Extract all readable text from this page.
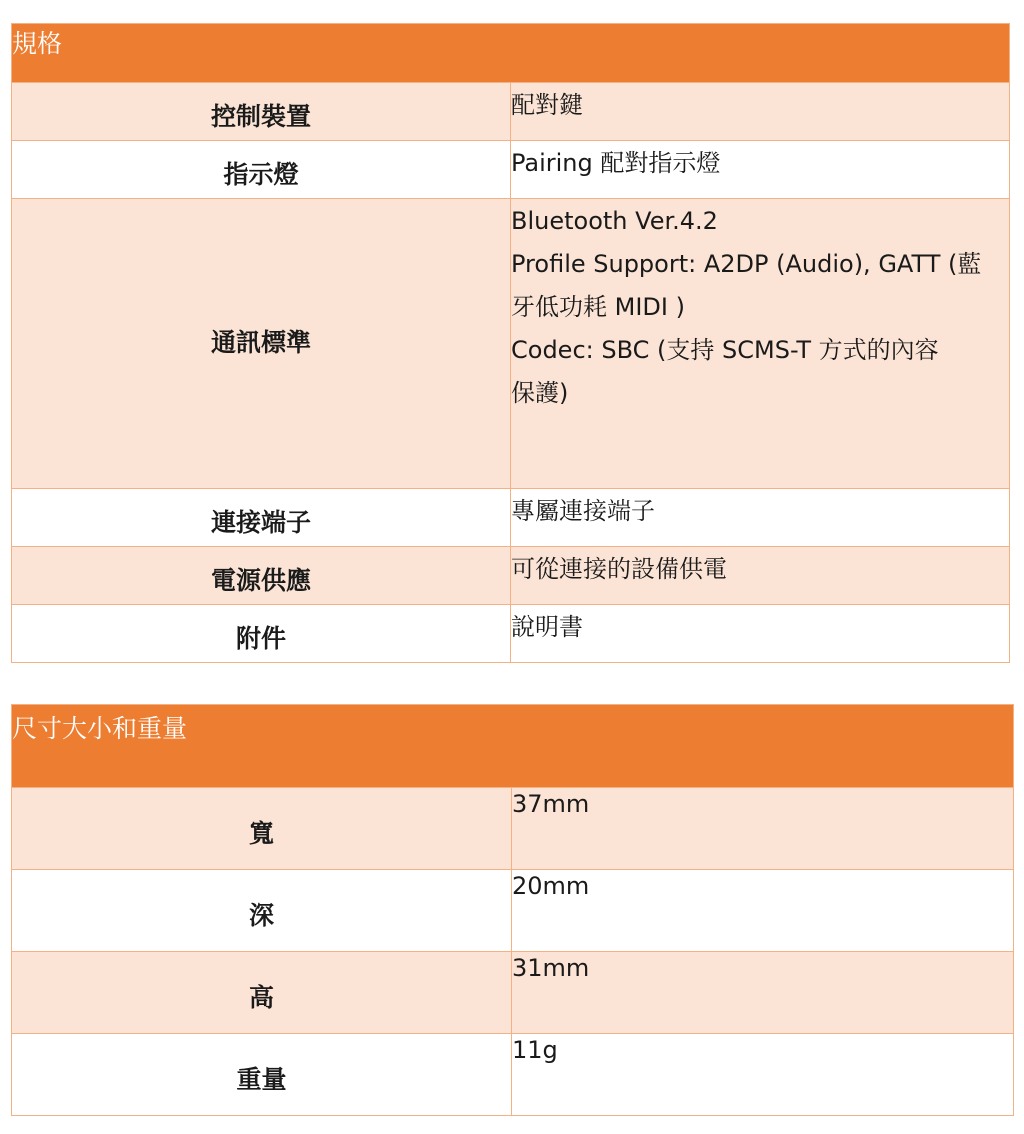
規格	

控制裝置	配對鍵

指示燈	Pairing 配對指示燈

通訊標準	Bluetooth Ver.4.2
Profile Support: A2DP (Audio), GATT (藍
牙低功耗 MIDI )
Codec: SBC (支持 SCMS-T 方式的內容
保護)

連接端子	專屬連接端子

電源供應	可從連接的設備供電

附件	說明書
尺寸大小和重量	

寬	37mm

深	20mm

高	31mm

重量	11g
